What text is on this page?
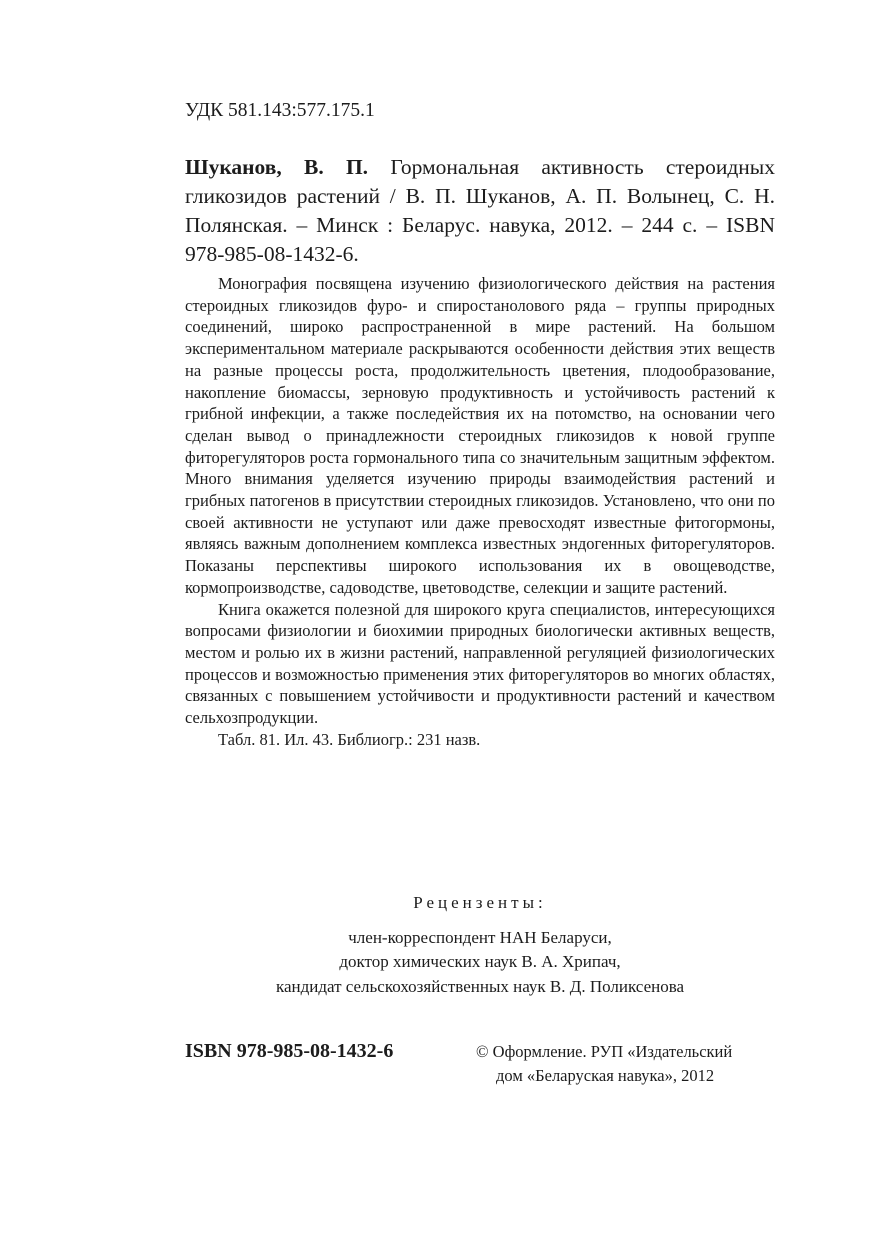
УДК 581.143:577.175.1
Шуканов, В. П. Гормональная активность стероидных гликозидов растений / В. П. Шуканов, А. П. Волынец, С. Н. Полянская. – Минск : Беларус. навука, 2012. – 244 с. – ISBN 978-985-08-1432-6.

Монография посвящена изучению физиологического действия на растения стероидных гликозидов фуро- и спиростанолового ряда – группы природных соединений, широко распространенной в мире растений. На большом экспериментальном материале раскрываются особенности действия этих веществ на разные процессы роста, продолжительность цветения, плодообразование, накопление биомассы, зерновую продуктивность и устойчивость растений к грибной инфекции, а также последействия их на потомство, на основании чего сделан вывод о принадлежности стероидных гликозидов к новой группе фиторегуляторов роста гормонального типа со значительным защитным эффектом. Много внимания уделяется изучению природы взаимодействия растений и грибных патогенов в присутствии стероидных гликозидов. Установлено, что они по своей активности не уступают или даже превосходят известные фитогормоны, являясь важным дополнением комплекса известных эндогенных фиторегуляторов. Показаны перспективы широкого использования их в овощеводстве, кормопроизводстве, садоводстве, цветоводстве, селекции и защите растений.

Книга окажется полезной для широкого круга специалистов, интересующихся вопросами физиологии и биохимии природных биологически активных веществ, местом и ролью их в жизни растений, направленной регуляцией физиологических процессов и возможностью применения этих фиторегуляторов во многих областях, связанных с повышением устойчивости и продуктивности растений и качеством сельхозпродукции.

Табл. 81. Ил. 43. Библиогр.: 231 назв.

Рецензенты:
член-корреспондент НАН Беларуси,
доктор химических наук В. А. Хрипач,
кандидат сельскохозяйственных наук В. Д. Поликсенова
ISBN 978-985-08-1432-6	© Оформление. РУП «Издательский
дом «Беларуская навука», 2012
